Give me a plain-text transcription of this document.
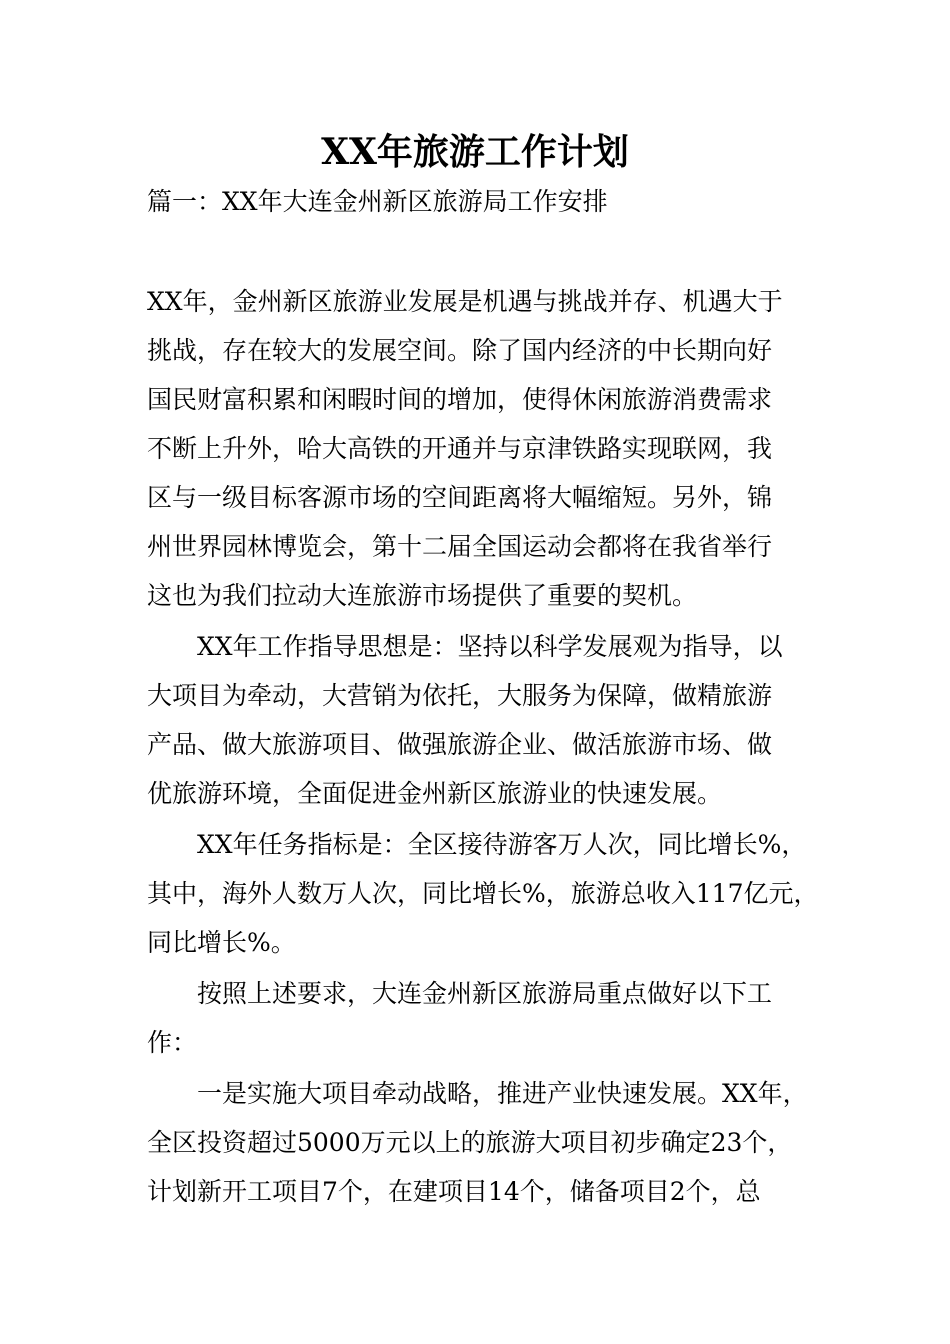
XX年旅游工作计划
篇一：XX年大连金州新区旅游局工作安排
XX年，金州新区旅游业发展是机遇与挑战并存、机遇大于
挑战，存在较大的发展空间。除了国内经济的中长期向好
国民财富积累和闲暇时间的增加，使得休闲旅游消费需求
不断上升外，哈大高铁的开通并与京津铁路实现联网，我
区与一级目标客源市场的空间距离将大幅缩短。另外，锦
州世界园林博览会，第十二届全国运动会都将在我省举行
这也为我们拉动大连旅游市场提供了重要的契机。
XX年工作指导思想是：坚持以科学发展观为指导，以
大项目为牵动，大营销为依托，大服务为保障，做精旅游
产品、做大旅游项目、做强旅游企业、做活旅游市场、做
优旅游环境，全面促进金州新区旅游业的快速发展。
XX年任务指标是：全区接待游客万人次，同比增长%，
其中，海外人数万人次，同比增长%，旅游总收入117亿元，
同比增长%。
按照上述要求，大连金州新区旅游局重点做好以下工
作：
一是实施大项目牵动战略，推进产业快速发展。XX年，
全区投资超过5000万元以上的旅游大项目初步确定23个，
计划新开工项目7个，在建项目14个，储备项目2个，总
